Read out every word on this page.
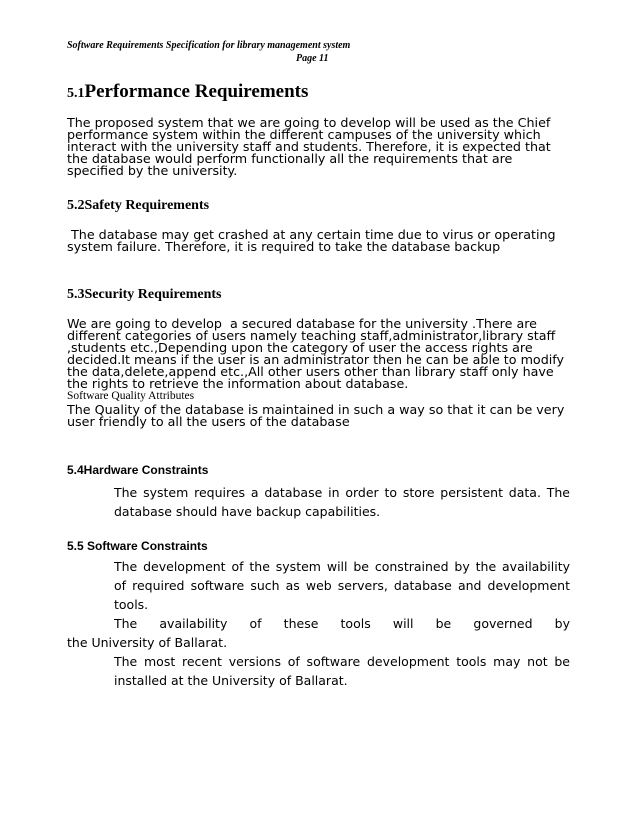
Software Requirements Specification for library management system
Page 11
5.1Performance Requirements
The proposed system that we are going to develop will be used as the Chief
performance system within the different campuses of the university which
interact with the university staff and students. Therefore, it is expected that
the database would perform functionally all the requirements that are
specified by the university.
5.2Safety Requirements
The database may get crashed at any certain time due to virus or operating
system failure. Therefore, it is required to take the database backup
5.3Security Requirements
We are going to develop  a secured database for the university .There are
different categories of users namely teaching staff,administrator,library staff
,students etc.,Depending upon the category of user the access rights are
decided.It means if the user is an administrator then he can be able to modify
the data,delete,append etc.,All other users other than library staff only have
the rights to retrieve the information about database.
Software Quality Attributes
The Quality of the database is maintained in such a way so that it can be very
user friendly to all the users of the database
5.4Hardware Constraints
The system requires a database in order to store persistent data. The
database should have backup capabilities.
5.5 Software Constraints
The development of the system will be constrained by the availability
of required software such as web servers, database and development
tools.
The availability of these tools will be governed by
the University of Ballarat.
The most recent versions of software development tools may not be
installed at the University of Ballarat.
